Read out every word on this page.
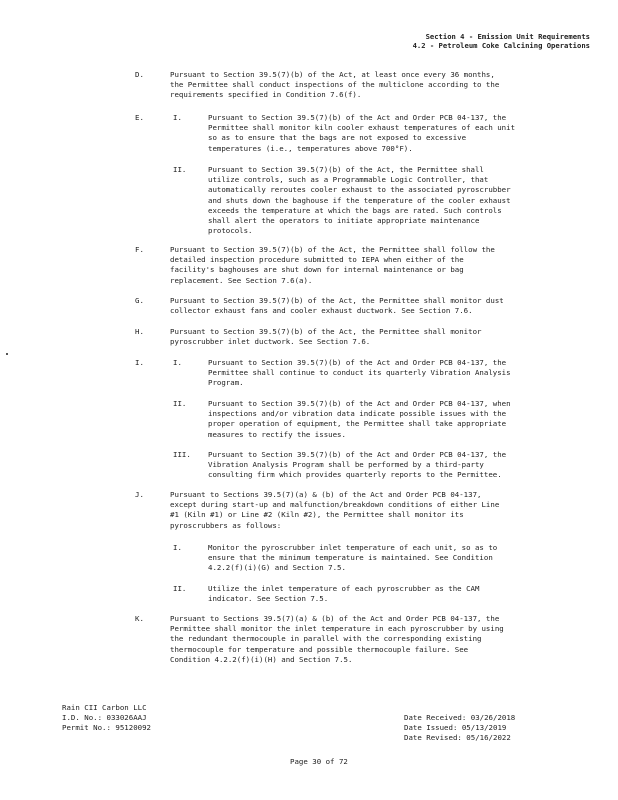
Section 4 - Emission Unit Requirements
4.2 - Petroleum Coke Calcining Operations
D.	Pursuant to Section 39.5(7)(b) of the Act, at least once every 36 months,
the Permittee shall conduct inspections of the multiclone according to the
requirements specified in Condition 7.6(f).
E.	I.	Pursuant to Section 39.5(7)(b) of the Act and Order PCB 04-137, the
Permittee shall monitor kiln cooler exhaust temperatures of each unit
so as to ensure that the bags are not exposed to excessive
temperatures (i.e., temperatures above 700°F).
II.	Pursuant to Section 39.5(7)(b) of the Act, the Permittee shall
utilize controls, such as a Programmable Logic Controller, that
automatically reroutes cooler exhaust to the associated pyroscrubber
and shuts down the baghouse if the temperature of the cooler exhaust
exceeds the temperature at which the bags are rated. Such controls
shall alert the operators to initiate appropriate maintenance
protocols.
F.	Pursuant to Section 39.5(7)(b) of the Act, the Permittee shall follow the
detailed inspection procedure submitted to IEPA when either of the
facility's baghouses are shut down for internal maintenance or bag
replacement. See Section 7.6(a).
G.	Pursuant to Section 39.5(7)(b) of the Act, the Permittee shall monitor dust
collector exhaust fans and cooler exhaust ductwork. See Section 7.6.
H.	Pursuant to Section 39.5(7)(b) of the Act, the Permittee shall monitor
pyroscrubber inlet ductwork. See Section 7.6.
I.	I.	Pursuant to Section 39.5(7)(b) of the Act and Order PCB 04-137, the
Permittee shall continue to conduct its quarterly Vibration Analysis
Program.
II.	Pursuant to Section 39.5(7)(b) of the Act and Order PCB 04-137, when
inspections and/or vibration data indicate possible issues with the
proper operation of equipment, the Permittee shall take appropriate
measures to rectify the issues.
III. Pursuant to Section 39.5(7)(b) of the Act and Order PCB 04-137, the
Vibration Analysis Program shall be performed by a third-party
consulting firm which provides quarterly reports to the Permittee.
J.	Pursuant to Sections 39.5(7)(a) & (b) of the Act and Order PCB 04-137,
except during start-up and malfunction/breakdown conditions of either Line
#1 (Kiln #1) or Line #2 (Kiln #2), the Permittee shall monitor its
pyroscrubbers as follows:
I.	Monitor the pyroscrubber inlet temperature of each unit, so as to
ensure that the minimum temperature is maintained. See Condition
4.2.2(f)(i)(G) and Section 7.5.
II.	Utilize the inlet temperature of each pyroscrubber as the CAM
indicator. See Section 7.5.
K.	Pursuant to Sections 39.5(7)(a) & (b) of the Act and Order PCB 04-137, the
Permittee shall monitor the inlet temperature in each pyroscrubber by using
the redundant thermocouple in parallel with the corresponding existing
thermocouple for temperature and possible thermocouple failure. See
Condition 4.2.2(f)(i)(H) and Section 7.5.
Rain CII Carbon LLC
I.D. No.: 033026AAJ
Permit No.: 95120092
Date Received: 03/26/2018
Date Issued: 05/13/2019
Date Revised: 05/16/2022
Page 30 of 72
